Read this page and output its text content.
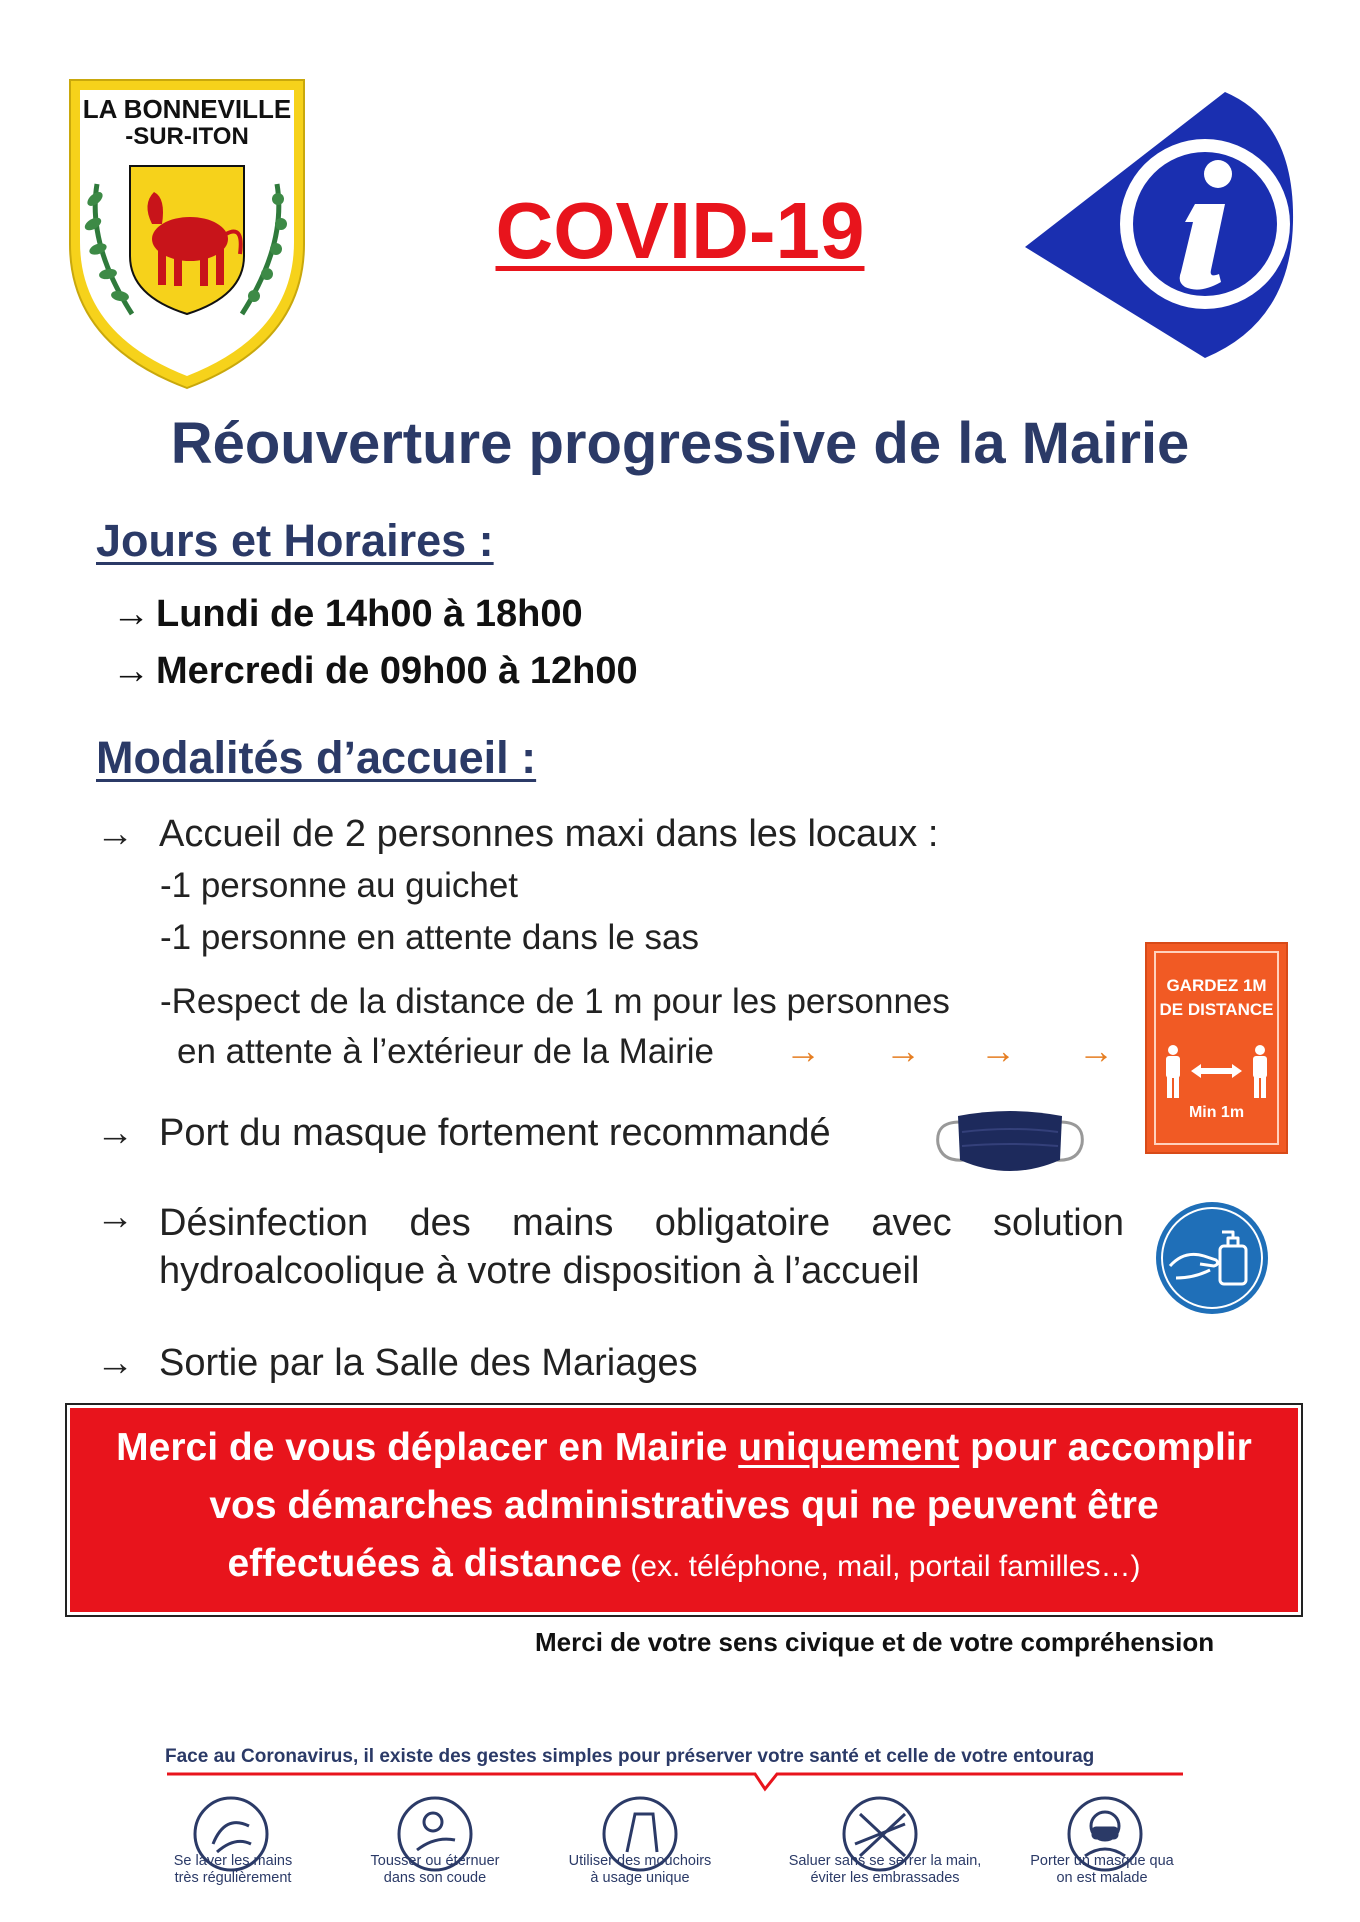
LA BONNEVILLE
-SUR-ITON
COVID-19
Réouverture progressive de la Mairie
Jours et Horaires :
→ Lundi de 14h00 à 18h00
→ Mercredi de 09h00 à 12h00
Modalités d’accueil :
→ Accueil de 2 personnes maxi dans les locaux :
-1 personne au guichet
-1 personne en attente dans le sas
-Respect de la distance de 1 m pour les personnes
en attente à l’extérieur de la Mairie → → → →
GARDEZ 1M
DE DISTANCE
Min 1m
→ Port du masque fortement recommandé
→ Désinfection des mains obligatoire avec solution
hydroalcoolique à votre disposition à l’accueil
→ Sortie par la Salle des Mariages
Merci de vous déplacer en Mairie uniquement pour accomplir
vos démarches administratives qui ne peuvent être
effectuées à distance (ex. téléphone, mail, portail familles…)
Merci de votre sens civique et de votre compréhension
Face au Coronavirus, il existe des gestes simples pour préserver votre santé et celle de votre entourag
Se laver les mains
très régulièrement
Tousser ou éternuer
dans son coude
Utiliser des mouchoirs
à usage unique
Saluer sans se serrer la main,
éviter les embrassades
Porter un masque qua
on est malade
